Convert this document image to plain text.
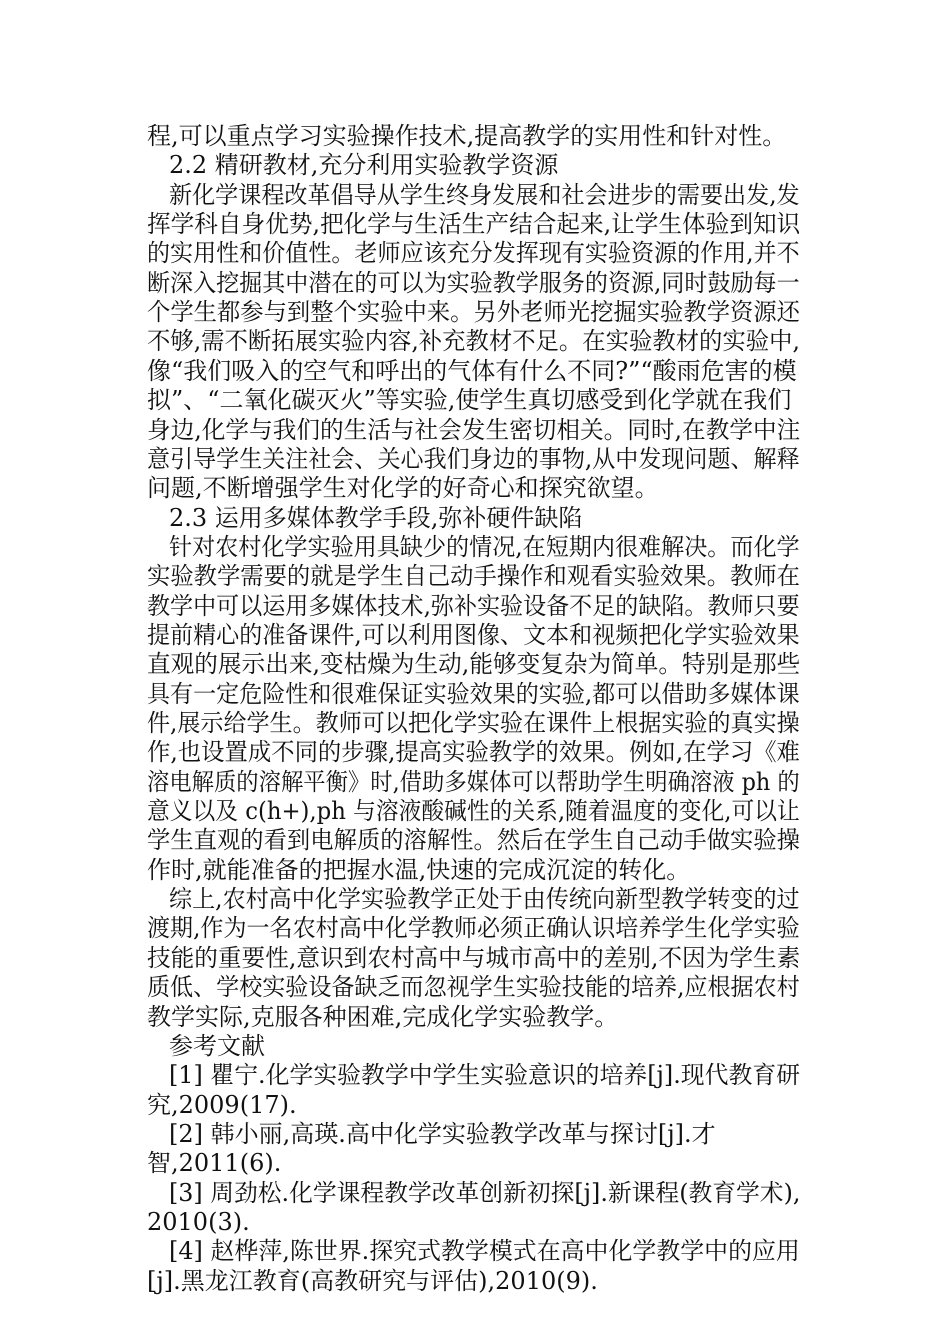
程,可以重点学习实验操作技术,提高教学的实用性和针对性。
2.2 精研教材,充分利用实验教学资源
新化学课程改革倡导从学生终身发展和社会进步的需要出发,发
挥学科自身优势,把化学与生活生产结合起来,让学生体验到知识
的实用性和价值性。老师应该充分发挥现有实验资源的作用,并不
断深入挖掘其中潜在的可以为实验教学服务的资源,同时鼓励每一
个学生都参与到整个实验中来。另外老师光挖掘实验教学资源还
不够,需不断拓展实验内容,补充教材不足。在实验教材的实验中,
像“我们吸入的空气和呼出的气体有什么不同?”“酸雨危害的模
拟”、“二氧化碳灭火”等实验,使学生真切感受到化学就在我们
身边,化学与我们的生活与社会发生密切相关。同时,在教学中注
意引导学生关注社会、关心我们身边的事物,从中发现问题、解释
问题,不断增强学生对化学的好奇心和探究欲望。
2.3 运用多媒体教学手段,弥补硬件缺陷
针对农村化学实验用具缺少的情况,在短期内很难解决。而化学
实验教学需要的就是学生自己动手操作和观看实验效果。教师在
教学中可以运用多媒体技术,弥补实验设备不足的缺陷。教师只要
提前精心的准备课件,可以利用图像、文本和视频把化学实验效果
直观的展示出来,变枯燥为生动,能够变复杂为简单。特别是那些
具有一定危险性和很难保证实验效果的实验,都可以借助多媒体课
件,展示给学生。教师可以把化学实验在课件上根据实验的真实操
作,也设置成不同的步骤,提高实验教学的效果。例如,在学习《难
溶电解质的溶解平衡》时,借助多媒体可以帮助学生明确溶液 ph 的
意义以及 c(h+),ph 与溶液酸碱性的关系,随着温度的变化,可以让
学生直观的看到电解质的溶解性。然后在学生自己动手做实验操
作时,就能准备的把握水温,快速的完成沉淀的转化。
综上,农村高中化学实验教学正处于由传统向新型教学转变的过
渡期,作为一名农村高中化学教师必须正确认识培养学生化学实验
技能的重要性,意识到农村高中与城市高中的差别,不因为学生素
质低、学校实验设备缺乏而忽视学生实验技能的培养,应根据农村
教学实际,克服各种困难,完成化学实验教学。
参考文献
[1] 瞿宁.化学实验教学中学生实验意识的培养[j].现代教育研
究,2009(17).
[2] 韩小丽,高瑛.高中化学实验教学改革与探讨[j].才
智,2011(6).
[3] 周劲松.化学课程教学改革创新初探[j].新课程(教育学术),
2010(3).
[4] 赵桦萍,陈世界.探究式教学模式在高中化学教学中的应用
[j].黑龙江教育(高教研究与评估),2010(9).
